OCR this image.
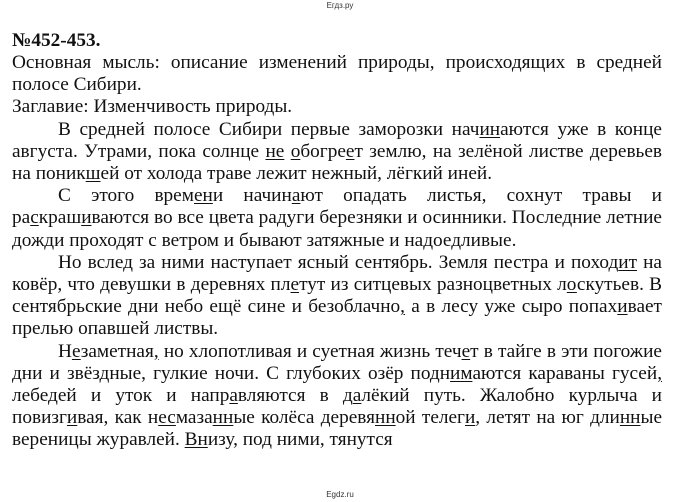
Егдз.ру

№452-453.

Основная мысль: описание изменений природы, происходящих в средней полосе Сибири.

Заглавие: Изменчивость природы.

В средней полосе Сибири первые заморозки начинаются уже в конце августа. Утрами, пока солнце не обогреет землю, на зелёной листве деревьев на поникшей от холода траве лежит нежный, лёгкий иней.

С этого времени начинают опадать листья, сохнут травы и раскрашиваются во все цвета радуги березняки и осинники. Последние летние дожди проходят с ветром и бывают затяжные и надоедливые.

Но вслед за ними наступает ясный сентябрь. Земля пестра и походит на ковёр, что девушки в деревнях плетут из ситцевых разноцветных лоскутьев. В сентябрьские дни небо ещё сине и безоблачно, а в лесу уже сыро попахивает прелью опавшей листвы.

Незаметная, но хлопотливая и суетная жизнь течет в тайге в эти погожие дни и звёздные, гулкие ночи. С глубоких озёр поднимаются караваны гусей, лебедей и уток и направляются в далёкий путь. Жалобно курлыча и повизгивая, как несмазанные колёса деревянной телеги, летят на юг длинные вереницы журавлей. Внизу, под ними, тянутся

Egdz.ru
